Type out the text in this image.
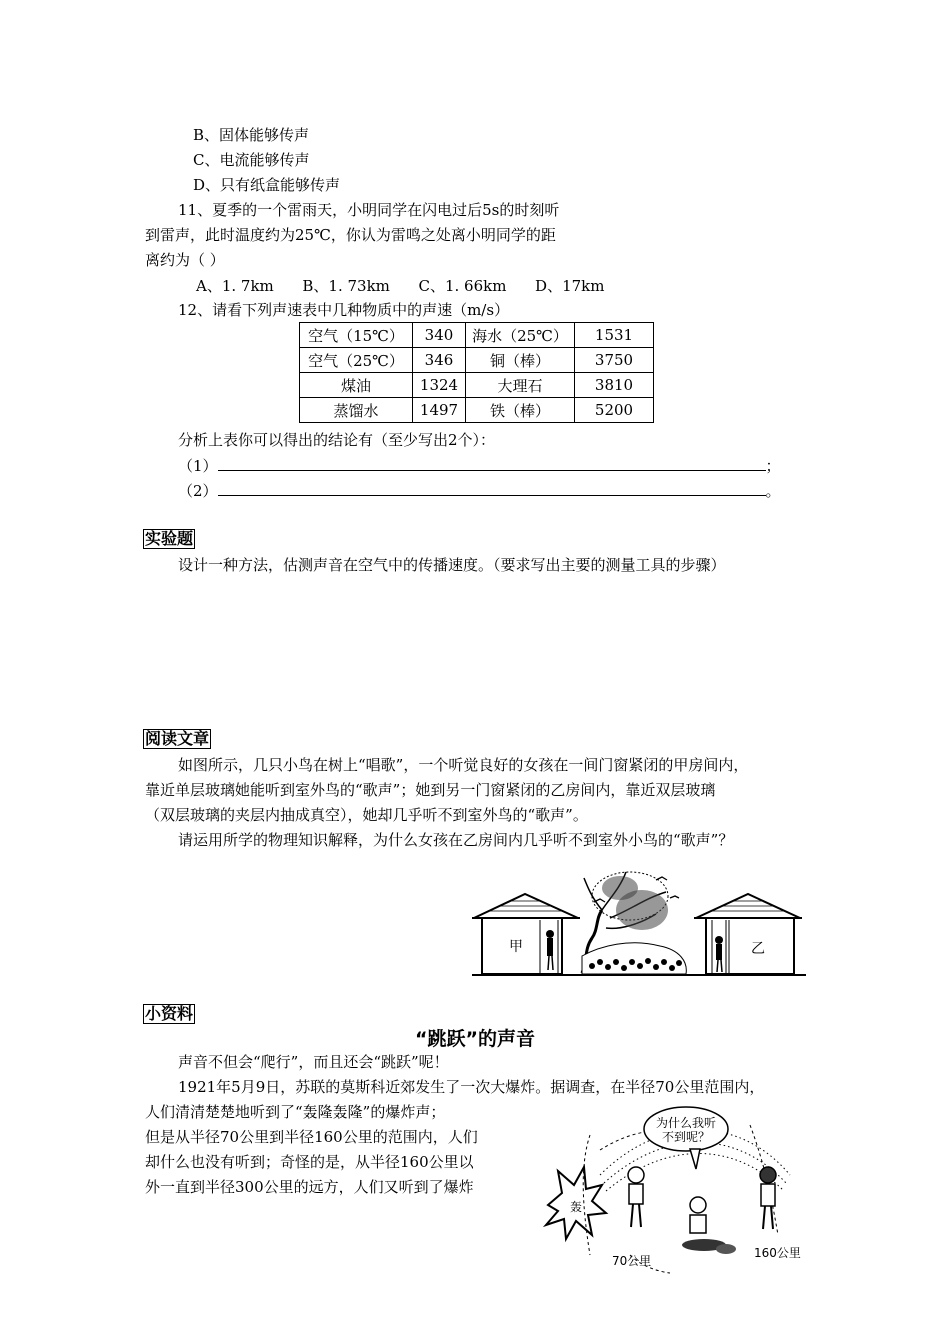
B、固体能够传声
C、电流能够传声
D、只有纸盒能够传声
11、夏季的一个雷雨天，小明同学在闪电过后5s的时刻听
到雷声，此时温度约为25℃，你认为雷鸣之处离小明同学的距
离约为（ ）
A、1. 7km      B、1. 73km      C、1. 66km      D、17km
12、请看下列声速表中几种物质中的声速（m/s）
空气（15℃）	340	海水（25℃）	1531
空气（25℃）	346	铜（棒）	3750
煤油	1324	大理石	3810
蒸馏水	1497	铁（棒）	5200
分析上表你可以得出的结论有（至少写出2个）：
（1）	；
（2）	。
实验题
设计一种方法，估测声音在空气中的传播速度。（要求写出主要的测量工具的步骤）
阅读文章
如图所示，几只小鸟在树上“唱歌”，一个听觉良好的女孩在一间门窗紧闭的甲房间内，
靠近单层玻璃她能听到室外鸟的“歌声”；她到另一门窗紧闭的乙房间内，靠近双层玻璃
（双层玻璃的夹层内抽成真空），她却几乎听不到室外鸟的“歌声”。
请运用所学的物理知识解释，为什么女孩在乙房间内几乎听不到室外小鸟的“歌声”？
甲	乙
小资料
“跳跃”的声音
声音不但会“爬行”，而且还会“跳跃”呢！
1921年5月9日，苏联的莫斯科近郊发生了一次大爆炸。据调查，在半径70公里范围内，
人们清清楚楚地听到了“轰隆轰隆”的爆炸声；
但是从半径70公里到半径160公里的范围内，人们
却什么也没有听到；奇怪的是，从半径160公里以
外一直到半径300公里的远方，人们又听到了爆炸
轰
为什么我听
不到呢？
70公里
160公里
